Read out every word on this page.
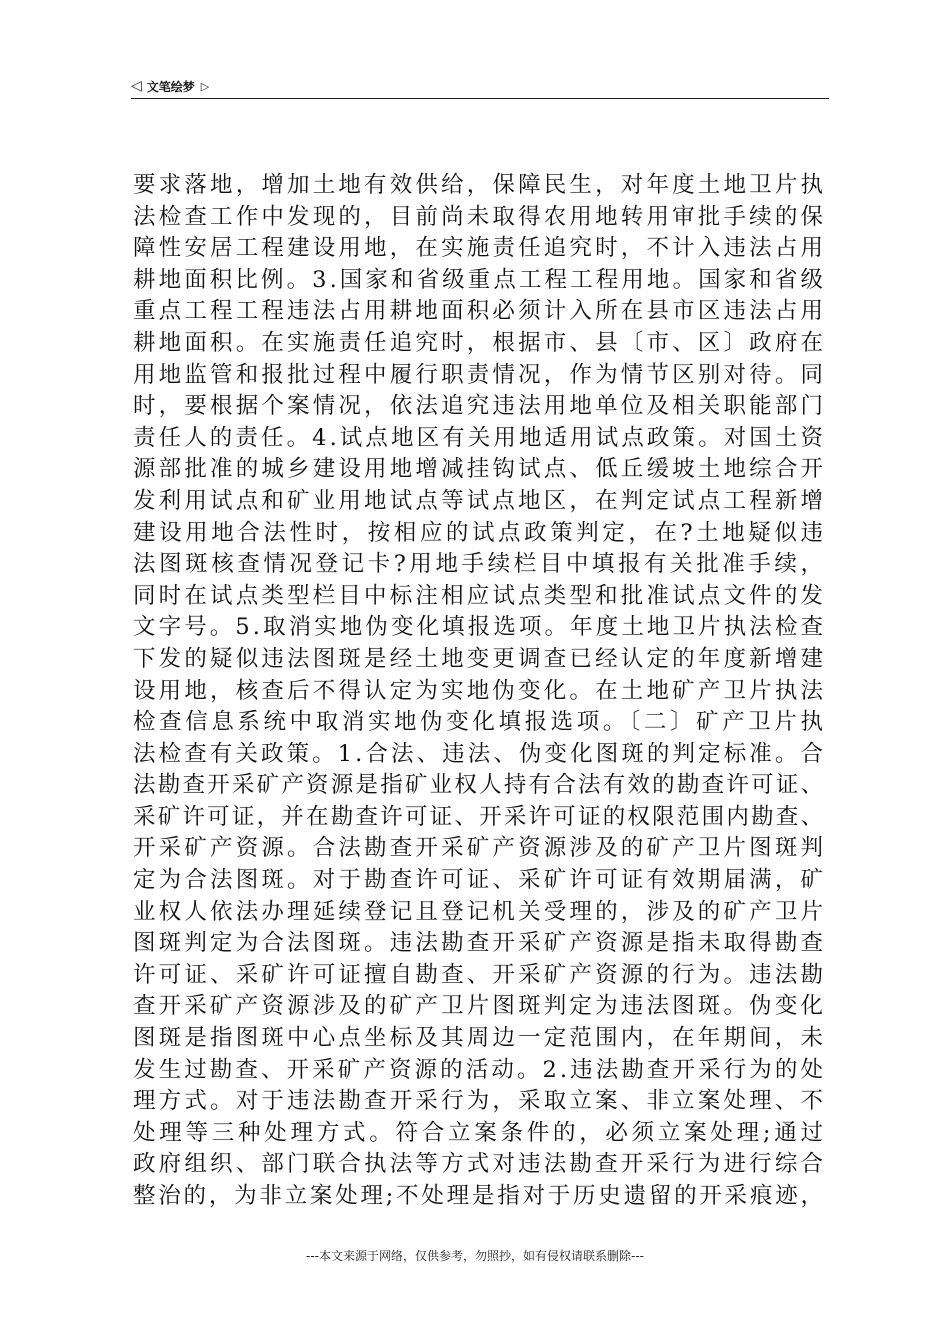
◁ 文笔绘梦 ▷
要求落地，增加土地有效供给，保障民生，对年度土地卫片执
法检查工作中发现的，目前尚未取得农用地转用审批手续的保
障性安居工程建设用地，在实施责任追究时，不计入违法占用
耕地面积比例。3.国家和省级重点工程工程用地。国家和省级
重点工程工程违法占用耕地面积必须计入所在县市区违法占用
耕地面积。在实施责任追究时，根据市、县〔市、区〕政府在
用地监管和报批过程中履行职责情况，作为情节区别对待。同
时，要根据个案情况，依法追究违法用地单位及相关职能部门
责任人的责任。4.试点地区有关用地适用试点政策。对国土资
源部批准的城乡建设用地增减挂钩试点、低丘缓坡土地综合开
发利用试点和矿业用地试点等试点地区，在判定试点工程新增
建设用地合法性时，按相应的试点政策判定，在?土地疑似违
法图斑核查情况登记卡?用地手续栏目中填报有关批准手续，
同时在试点类型栏目中标注相应试点类型和批准试点文件的发
文字号。5.取消实地伪变化填报选项。年度土地卫片执法检查
下发的疑似违法图斑是经土地变更调查已经认定的年度新增建
设用地，核查后不得认定为实地伪变化。在土地矿产卫片执法
检查信息系统中取消实地伪变化填报选项。〔二〕矿产卫片执
法检查有关政策。1.合法、违法、伪变化图斑的判定标准。合
法勘查开采矿产资源是指矿业权人持有合法有效的勘查许可证、
采矿许可证，并在勘查许可证、开采许可证的权限范围内勘查、
开采矿产资源。合法勘查开采矿产资源涉及的矿产卫片图斑判
定为合法图斑。对于勘查许可证、采矿许可证有效期届满，矿
业权人依法办理延续登记且登记机关受理的，涉及的矿产卫片
图斑判定为合法图斑。违法勘查开采矿产资源是指未取得勘查
许可证、采矿许可证擅自勘查、开采矿产资源的行为。违法勘
查开采矿产资源涉及的矿产卫片图斑判定为违法图斑。伪变化
图斑是指图斑中心点坐标及其周边一定范围内，在年期间，未
发生过勘查、开采矿产资源的活动。2.违法勘查开采行为的处
理方式。对于违法勘查开采行为，采取立案、非立案处理、不
处理等三种处理方式。符合立案条件的，必须立案处理;通过
政府组织、部门联合执法等方式对违法勘查开采行为进行综合
整治的，为非立案处理;不处理是指对于历史遗留的开采痕迹，
---本文来源于网络，仅供参考，勿照抄，如有侵权请联系删除---
